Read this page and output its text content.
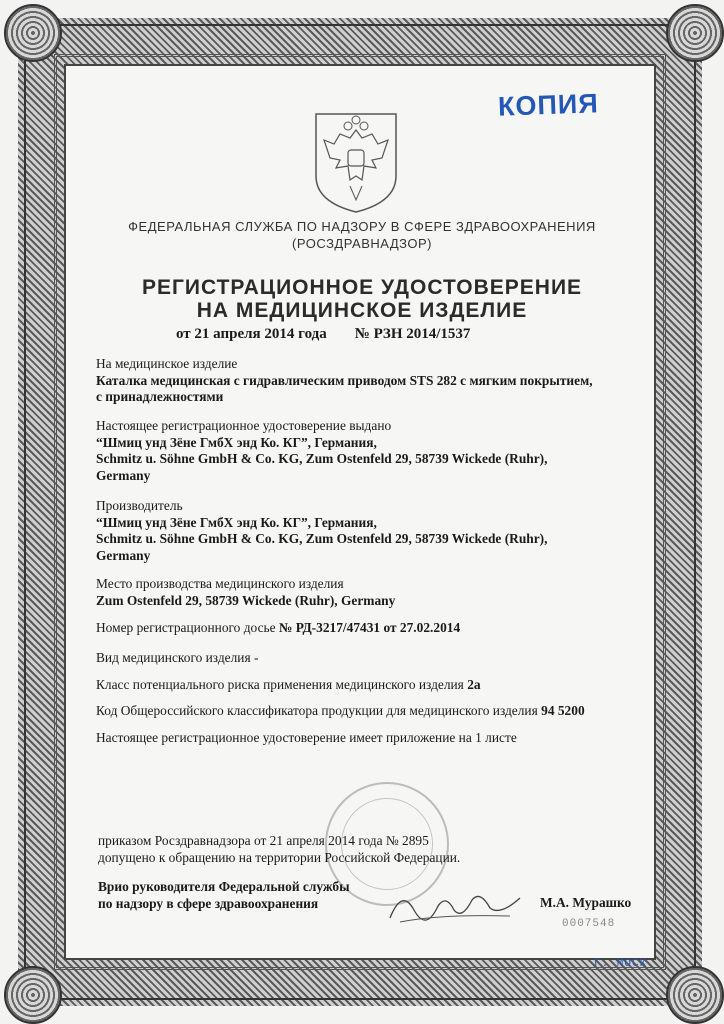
КОПИЯ
ФЕДЕРАЛЬНАЯ СЛУЖБА ПО НАДЗОРУ В СФЕРЕ ЗДРАВООХРАНЕНИЯ
(РОСЗДРАВНАДЗОР)
РЕГИСТРАЦИОННОЕ УДОСТОВЕРЕНИЕ
НА МЕДИЦИНСКОЕ ИЗДЕЛИЕ
от 21 апреля 2014 года № РЗН 2014/1537
На медицинское изделие
Каталка медицинская с гидравлическим приводом STS 282 с мягким покрытием,
с принадлежностями
Настоящее регистрационное удостоверение выдано
“Шмиц унд Зёне ГмбХ энд Ко. КГ”, Германия,
Schmitz u. Söhne GmbH & Co. KG, Zum Ostenfeld 29, 58739 Wickede (Ruhr),
Germany
Производитель
“Шмиц унд Зёне ГмбХ энд Ко. КГ”, Германия,
Schmitz u. Söhne GmbH & Co. KG, Zum Ostenfeld 29, 58739 Wickede (Ruhr),
Germany
Место производства медицинского изделия
Zum Ostenfeld 29, 58739 Wickede (Ruhr), Germany
Номер регистрационного досье № РД-3217/47431 от 27.02.2014
Вид медицинского изделия -
Класс потенциального риска применения медицинского изделия 2а
Код Общероссийского классификатора продукции для медицинского изделия 94 5200
Настоящее регистрационное удостоверение имеет приложение на 1 листе
приказом Росздравнадзора от 21 апреля 2014 года № 2895
допущено к обращению на территории Российской Федерации.
Врио руководителя Федеральной службы
по надзору в сфере здравоохранения	М.А. Мурашко
0007548
Г. МОСК.
